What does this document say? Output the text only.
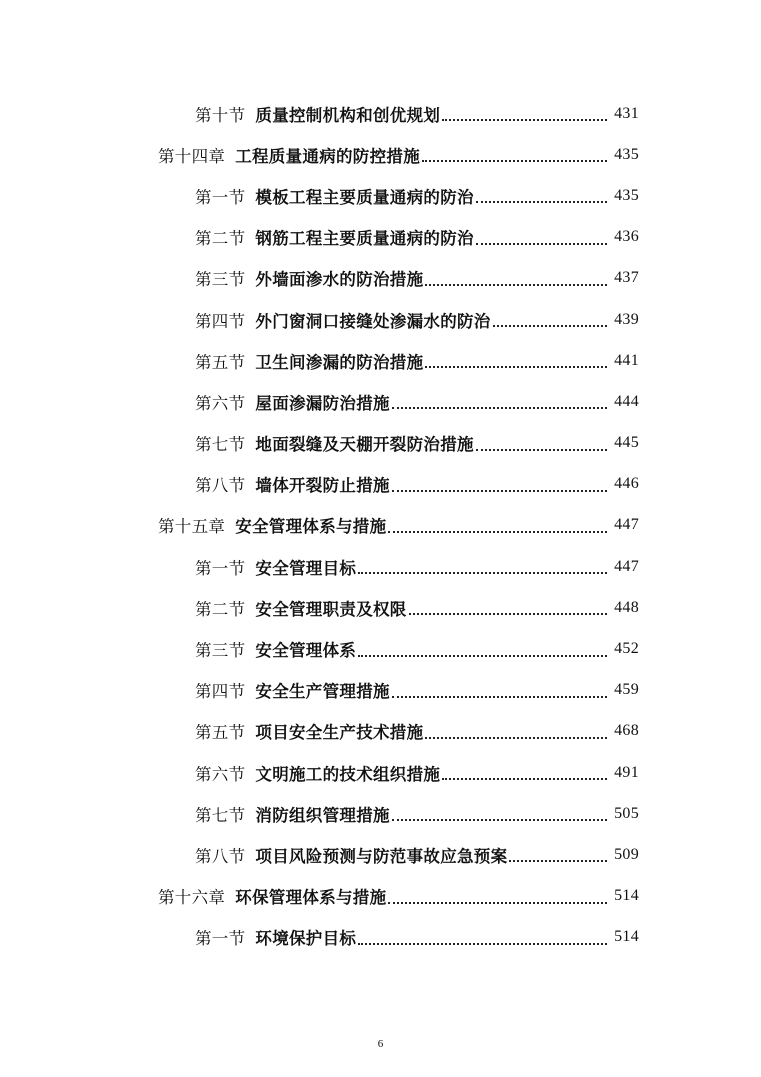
第十节 质量控制机构和创优规划	431
第十四章 工程质量通病的防控措施	435
第一节 模板工程主要质量通病的防治	435
第二节 钢筋工程主要质量通病的防治	436
第三节 外墙面渗水的防治措施	437
第四节 外门窗洞口接缝处渗漏水的防治	439
第五节 卫生间渗漏的防治措施	441
第六节 屋面渗漏防治措施	444
第七节 地面裂缝及天棚开裂防治措施	445
第八节 墙体开裂防止措施	446
第十五章 安全管理体系与措施	447
第一节 安全管理目标	447
第二节 安全管理职责及权限	448
第三节 安全管理体系	452
第四节 安全生产管理措施	459
第五节 项目安全生产技术措施	468
第六节 文明施工的技术组织措施	491
第七节 消防组织管理措施	505
第八节 项目风险预测与防范事故应急预案	509
第十六章 环保管理体系与措施	514
第一节 环境保护目标	514
6
